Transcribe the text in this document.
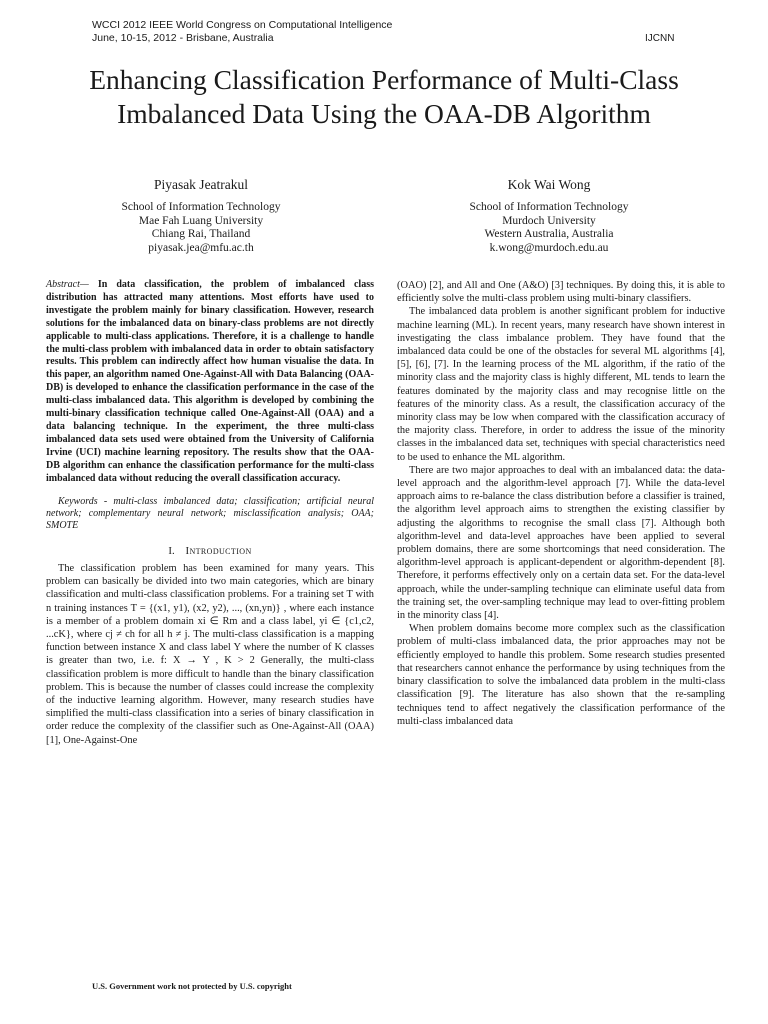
WCCI 2012 IEEE World Congress on Computational Intelligence
June, 10-15, 2012 - Brisbane, Australia	IJCNN
Enhancing Classification Performance of Multi-Class Imbalanced Data Using the OAA-DB Algorithm
Piyasak Jeatrakul
School of Information Technology
Mae Fah Luang University
Chiang Rai, Thailand
piyasak.jea@mfu.ac.th
Kok Wai Wong
School of Information Technology
Murdoch University
Western Australia, Australia
k.wong@murdoch.edu.au

Abstract— In data classification, the problem of imbalanced class distribution has attracted many attentions. Most efforts have used to investigate the problem mainly for binary classification. However, research solutions for the imbalanced data on binary-class problems are not directly applicable to multi-class applications. Therefore, it is a challenge to handle the multi-class problem with imbalanced data in order to obtain satisfactory results. This problem can indirectly affect how human visualise the data. In this paper, an algorithm named One-Against-All with Data Balancing (OAA-DB) is developed to enhance the classification performance in the case of the multi-class imbalanced data. This algorithm is developed by combining the multi-binary classification technique called One-Against-All (OAA) and a data balancing technique. In the experiment, the three multi-class imbalanced data sets used were obtained from the University of California Irvine (UCI) machine learning repository. The results show that the OAA-DB algorithm can enhance the classification performance for the multi-class imbalanced data without reducing the overall classification accuracy.

Keywords - multi-class imbalanced data; classification; artificial neural network; complementary neural network; misclassification analysis; OAA; SMOTE

I. Introduction

The classification problem has been examined for many years. This problem can basically be divided into two main categories, which are binary classification and multi-class classification problems. For a training set T with n training instances T = {(x1, y1), (x2, y2), ..., (xn,yn)} , where each instance is a member of a problem domain xi ∈ Rm and a class label, yi ∈ {c1,c2, ...cK}, where cj ≠ ch for all h ≠ j. The multi-class classification is a mapping function between instance X and class label Y where the number of K classes is greater than two, i.e. f: X → Y , K > 2 Generally, the multi-class classification problem is more difficult to handle than the binary classification problem. This is because the number of classes could increase the complexity of the inductive learning algorithm. However, many research studies have simplified the multi-class classification into a series of binary classification in order reduce the complexity of the classifier such as One-Against-All (OAA) [1], One-Against-One

(OAO) [2], and All and One (A&O) [3] techniques. By doing this, it is able to efficiently solve the multi-class problem using multi-binary classifiers.

The imbalanced data problem is another significant problem for inductive machine learning (ML). In recent years, many research have shown interest in investigating the class imbalance problem. They have found that the imbalanced data could be one of the obstacles for several ML algorithms [4], [5], [6], [7]. In the learning process of the ML algorithm, if the ratio of the minority class and the majority class is highly different, ML tends to learn the features dominated by the majority class and may recognise little on the features of the minority class. As a result, the classification accuracy of the minority class may be low when compared with the classification accuracy of the majority class. Therefore, in order to address the issue of the minority classes in the imbalanced data set, techniques with special characteristics need to be used to enhance the ML algorithm.

There are two major approaches to deal with an imbalanced data: the data-level approach and the algorithm-level approach [7]. While the data-level approach aims to re-balance the class distribution before a classifier is trained, the algorithm level approach aims to strengthen the existing classifier by adjusting the algorithms to recognise the small class [7]. Although both algorithm-level and data-level approaches have been applied to several problem domains, there are some shortcomings that need consideration. The algorithm-level approach is applicant-dependent or algorithm-dependent [8]. Therefore, it performs effectively only on a certain data set. For the data-level approach, while the under-sampling technique can eliminate useful data from the training set, the over-sampling technique may lead to over-fitting problem in the minority class [4].

When problem domains become more complex such as the classification problem of multi-class imbalanced data, the prior approaches may not be efficiently employed to handle this problem. Some research studies presented that researchers cannot enhance the performance by using techniques from the binary classification to solve the imbalanced data problem in the multi-class classification [9]. The literature has also shown that the re-sampling techniques tend to affect negatively the classification performance of the multi-class imbalanced data

U.S. Government work not protected by U.S. copyright
